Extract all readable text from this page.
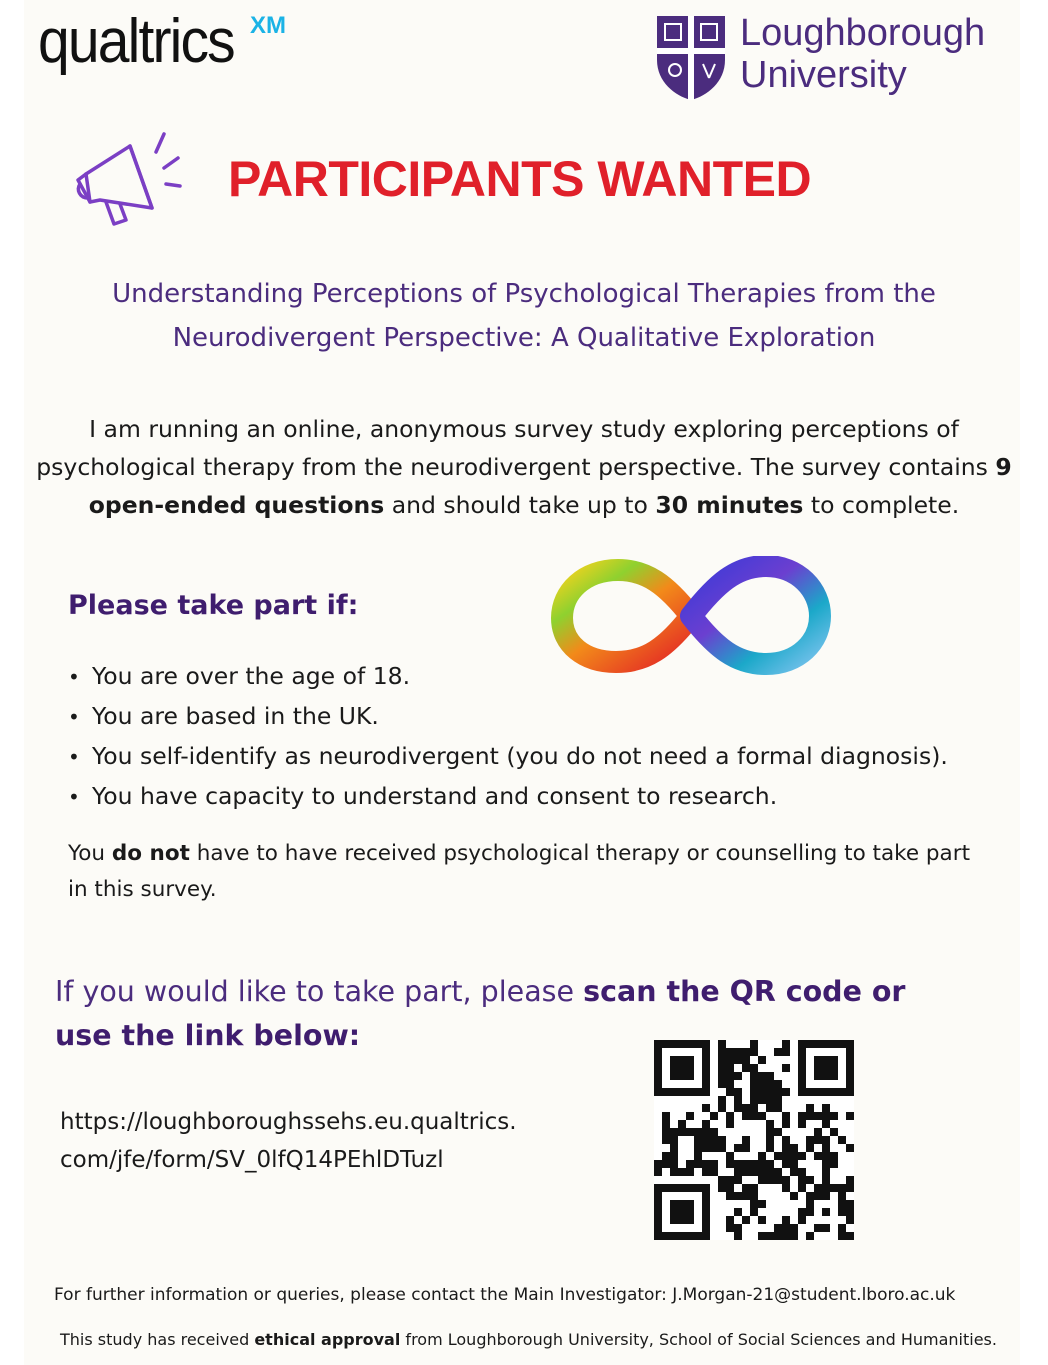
qualtrics XM	Loughborough
University
PARTICIPANTS WANTED
Understanding Perceptions of Psychological Therapies from the
Neurodivergent Perspective: A Qualitative Exploration
I am running an online, anonymous survey study exploring perceptions of psychological therapy from the neurodivergent perspective. The survey contains 9 open-ended questions and should take up to 30 minutes to complete.
Please take part if:
• You are over the age of 18.
• You are based in the UK.
• You self-identify as neurodivergent (you do not need a formal diagnosis).
• You have capacity to understand and consent to research.
You do not have to have received psychological therapy or counselling to take part in this survey.
If you would like to take part, please scan the QR code or use the link below:
https://loughboroughssehs.eu.qualtrics.
com/jfe/form/SV_0lfQ14PEhlDTuzl
For further information or queries, please contact the Main Investigator: J.Morgan-21@student.lboro.ac.uk
This study has received ethical approval from Loughborough University, School of Social Sciences and Humanities.
